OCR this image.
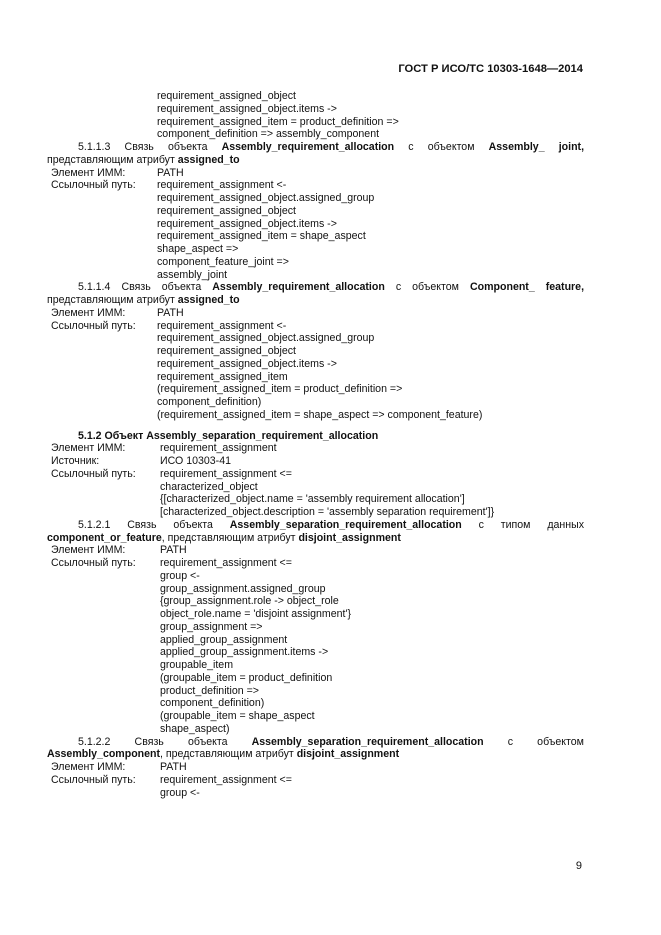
ГОСТ Р ИСО/ТС 10303-1648—2014
requirement_assigned_object
requirement_assigned_object.items ->
requirement_assigned_item = product_definition =>
component_definition => assembly_component
5.1.1.3 Связь объекта Assembly_requirement_allocation с объектом Assembly_ joint,
представляющим атрибут assigned_to
Элемент ИММ:	PATH
Ссылочный путь:	requirement_assignment <-
requirement_assigned_object.assigned_group
requirement_assigned_object
requirement_assigned_object.items ->
requirement_assigned_item = shape_aspect
shape_aspect =>
component_feature_joint =>
assembly_joint
5.1.1.4 Связь объекта Assembly_requirement_allocation с объектом Component_ feature,
представляющим атрибут assigned_to
Элемент ИММ:	PATH
Ссылочный путь:	requirement_assignment <-
requirement_assigned_object.assigned_group
requirement_assigned_object
requirement_assigned_object.items ->
requirement_assigned_item
(requirement_assigned_item = product_definition =>
component_definition)
(requirement_assigned_item = shape_aspect => component_feature)
5.1.2 Объект Assembly_separation_requirement_allocation
Элемент ИММ:	requirement_assignment
Источник:	ИСО 10303-41
Ссылочный путь:	requirement_assignment <=
characterized_object
{[characterized_object.name = 'assembly requirement allocation']
[characterized_object.description = 'assembly separation requirement']}
5.1.2.1 Связь объекта Assembly_separation_requirement_allocation с типом данных
component_or_feature, представляющим атрибут disjoint_assignment
Элемент ИММ:	PATH
Ссылочный путь:	requirement_assignment <=
group <-
group_assignment.assigned_group
{group_assignment.role -> object_role
object_role.name = 'disjoint assignment'}
group_assignment =>
applied_group_assignment
applied_group_assignment.items ->
groupable_item
(groupable_item = product_definition
product_definition =>
component_definition)
(groupable_item = shape_aspect
shape_aspect)
5.1.2.2 Связь объекта Assembly_separation_requirement_allocation с объектом
Assembly_component, представляющим атрибут disjoint_assignment
Элемент ИММ:	PATH
Ссылочный путь:	requirement_assignment <=
group <-
9
